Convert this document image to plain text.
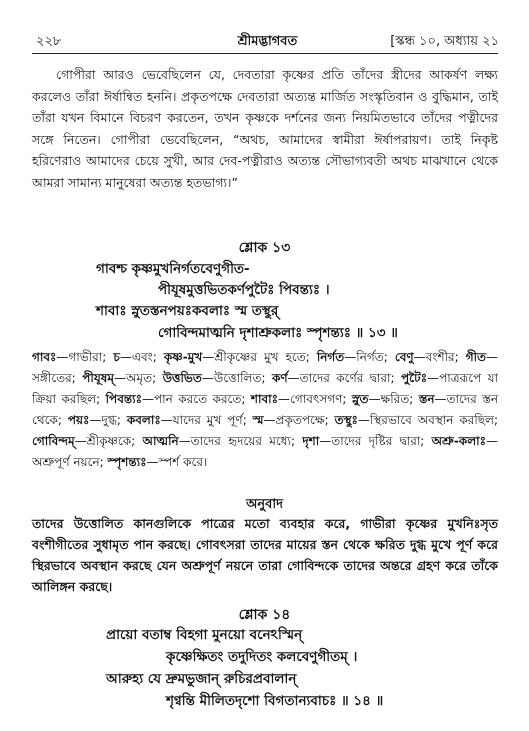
২২৮	শ্রীমদ্ভাগবত	[স্কন্ধ ১০, অধ্যায় ২১

গোপীরা আরও ভেবেছিলেন যে, দেবতারা কৃষ্ণের প্রতি তাঁদের স্ত্রীদের আকর্ষণ লক্ষ্য করলেও তাঁরা ঈর্ষান্বিত হননি। প্রকৃতপক্ষে দেবতারা অত্যন্ত মার্জিত সংস্কৃতিবান ও বুদ্ধিমান, তাই তাঁরা যখন বিমানে বিচরণ করতেন, তখন কৃষ্ণকে দর্শনের জন্য নিয়মিতভাবে তাঁদের পত্নীদের সঙ্গে নিতেন। গোপীরা ভেবেছিলেন, “অথচ, আমাদের স্বামীরা ঈর্ষাপরায়ণ। তাই নিকৃষ্ট হরিণেরাও আমাদের চেয়ে সুখী, আর দেব-পত্নীরাও অত্যন্ত সৌভাগ্যবতী অথচ মাঝখানে থেকে আমরা সামান্য মানুষেরা অত্যন্ত হতভাগ্য।”

শ্লোক ১৩
গাবশ্চ কৃষ্ণমুখনির্গতবেণুগীত-
পীযূষমুত্তভিতকর্ণপুটৈঃ পিবন্ত্যঃ ।
শাবাঃ স্নুতস্তনপয়ঃকবলাঃ স্ম তস্থুর্
গোবিন্দমাত্মনি দৃশাশ্রুকলাঃ স্পৃশন্ত্যঃ ॥ ১৩ ॥

গাবঃ—গাভীরা; চ—এবং; কৃষ্ণ-মুখ—শ্রীকৃষ্ণের মুখ হতে; নির্গত—নির্গত; বেণু—বংশীর; গীত—সঙ্গীতের; পীযূষম্—অমৃত; উত্তভিত—উত্তোলিত; কর্ণ—তাদের কর্ণের দ্বারা; পুটৈঃ—পাত্ররূপে যা ক্রিয়া করছিল; পিবন্ত্যঃ—পান করতে করতে; শাবাঃ—গোবৎসগণ; স্নুত—ক্ষরিত; স্তন—তাদের স্তন থেকে; পয়ঃ—দুগ্ধ; কবলাঃ—যাদের মুখ পূর্ণ; স্ম—প্রকৃতপক্ষে; তস্থুঃ—স্থিরভাবে অবস্থান করছিল; গোবিন্দম্—শ্রীকৃষ্ণকে; আত্মনি—তাদের হৃদয়ের মধ্যে; দৃশা—তাদের দৃষ্টির দ্বারা; অশ্রু-কলাঃ—অশ্রুপূর্ণ নয়নে; স্পৃশন্ত্যঃ—স্পর্শ করে।

অনুবাদ

তাদের উত্তোলিত কানগুলিকে পাত্রের মতো ব্যবহার করে, গাভীরা কৃষ্ণের মুখনিঃসৃত বংশীগীতের সুধামৃত পান করছে। গোবৎসরা তাদের মায়ের স্তন থেকে ক্ষরিত দুগ্ধ মুখে পূর্ণ করে স্থিরভাবে অবস্থান করছে যেন অশ্রুপূর্ণ নয়নে তারা গোবিন্দকে তাদের অন্তরে গ্রহণ করে তাঁকে আলিঙ্গন করছে।

শ্লোক ১৪
প্রায়ো বতাম্ব বিহগা মুনয়ো বনেঽস্মিন্
কৃষ্ণেক্ষিতং তদুদিতং কলবেণুগীতম্ ।
আরুহ্য যে দ্রুমভুজান্ রুচিরপ্রবালান্
শৃণ্বন্তি মীলিতদৃশো বিগতান্যবাচঃ ॥ ১৪ ॥
